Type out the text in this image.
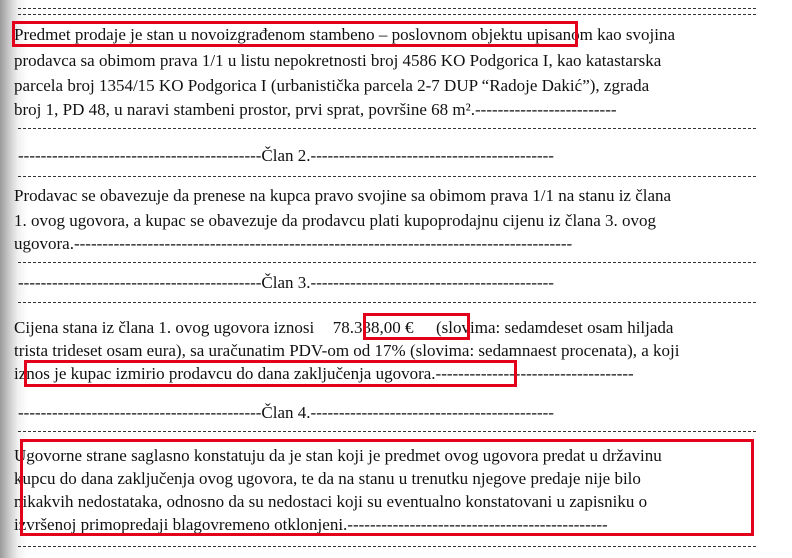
Predmet prodaje je stan u novoizgrađenom stambeno – poslovnom objektu upisanom kao svojina
prodavca sa obimom prava 1/1 u listu nepokretnosti broj 4586 KO Podgorica I, kao katastarska
parcela broj 1354/15 KO Podgorica I (urbanistička parcela 2-7 DUP “Radoje Dakić”), zgrada
broj 1, PD 48, u naravi stambeni prostor, prvi sprat, površine 68 m².-------------------------
-------------------------------------------Član 2.-------------------------------------------
Prodavac se obavezuje da prenese na kupca pravo svojine sa obimom prava 1/1 na stanu iz člana
1. ovog ugovora, a kupac se obavezuje da prodavcu plati kupoprodajnu cijenu iz člana 3. ovog
ugovora.----------------------------------------------------------------------------------------
-------------------------------------------Član 3.-------------------------------------------
Cijena stana iz člana 1. ovog ugovora iznosi 78.338,00 € (slovima: sedamdeset osam hiljada
trista trideset osam eura), sa uračunatim PDV-om od 17% (slovima: sedamnaest procenata), a koji
iznos je kupac izmirio prodavcu do dana zaključenja ugovora.-----------------------------------
-------------------------------------------Član 4.-------------------------------------------
Ugovorne strane saglasno konstatuju da je stan koji je predmet ovog ugovora predat u državinu
kupcu do dana zaključenja ovog ugovora, te da na stanu u trenutku njegove predaje nije bilo
nikakvih nedostataka, odnosno da su nedostaci koji su eventualno konstatovani u zapisniku o
izvršenoj primopredaji blagovremeno otklonjeni.----------------------------------------------
